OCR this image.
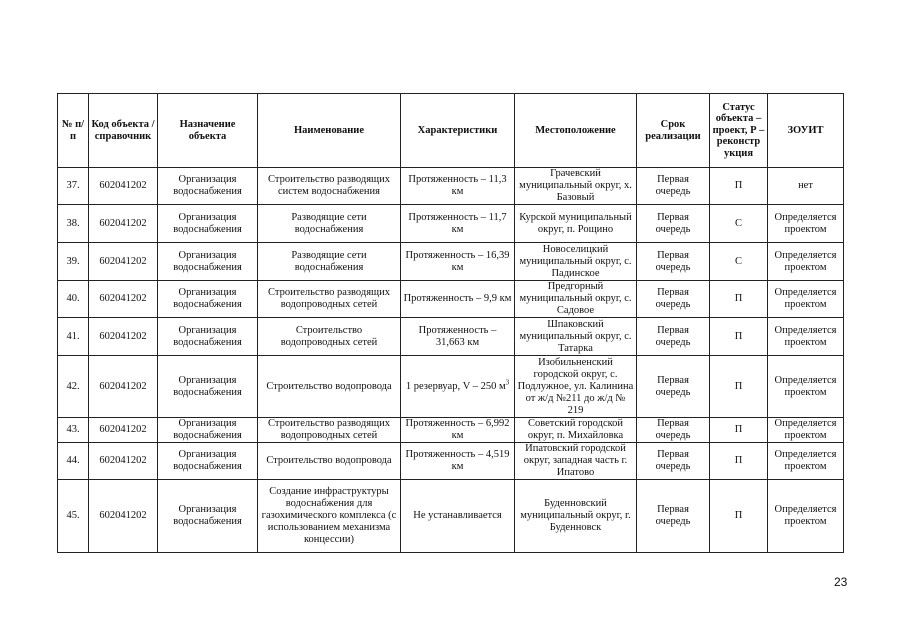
№ п/п	Код объекта / справочник	Назначение объекта	Наименование	Характеристики	Местоположение	Срок реализации	Статус объекта – проект, Р – реконстр укция	ЗОУИТ
37.	602041202	Организация водоснабжения	Строительство разводящих систем водоснабжения	Протяженность – 11,3 км	Грачевский муниципальный округ, х. Базовый	Первая очередь	П	нет
38.	602041202	Организация водоснабжения	Разводящие сети водоснабжения	Протяженность – 11,7 км	Курской муниципальный округ, п. Рощино	Первая очередь	С	Определяется проектом
39.	602041202	Организация водоснабжения	Разводящие сети водоснабжения	Протяженность – 16,39 км	Новоселицкий муниципальный округ, с. Падинское	Первая очередь	С	Определяется проектом
40.	602041202	Организация водоснабжения	Строительство разводящих водопроводных сетей	Протяженность – 9,9 км	Предгорный муниципальный округ, с. Садовое	Первая очередь	П	Определяется проектом
41.	602041202	Организация водоснабжения	Строительство водопроводных сетей	Протяженность – 31,663 км	Шпаковский муниципальный округ, с. Татарка	Первая очередь	П	Определяется проектом
42.	602041202	Организация водоснабжения	Строительство водопровода	1 резервуар, V – 250 $м^3$	Изобильненский городской округ, с. Подлужное, ул. Калинина от ж/д №211 до ж/д № 219	Первая очередь	П	Определяется проектом
43.	602041202	Организация водоснабжения	Строительство разводящих водопроводных сетей	Протяженность – 6,992 км	Советский городской округ, п. Михайловка	Первая очередь	П	Определяется проектом
44.	602041202	Организация водоснабжения	Строительство водопровода	Протяженность – 4,519 км	Ипатовский городской округ, западная часть г. Ипатово	Первая очередь	П	Определяется проектом
45.	602041202	Организация водоснабжения	Создание инфраструктуры водоснабжения для газохимического комплекса (с использованием механизма концессии)	Не устанавливается	Буденновский муниципальный округ, г. Буденновск	Первая очередь	П	Определяется проектом
23
